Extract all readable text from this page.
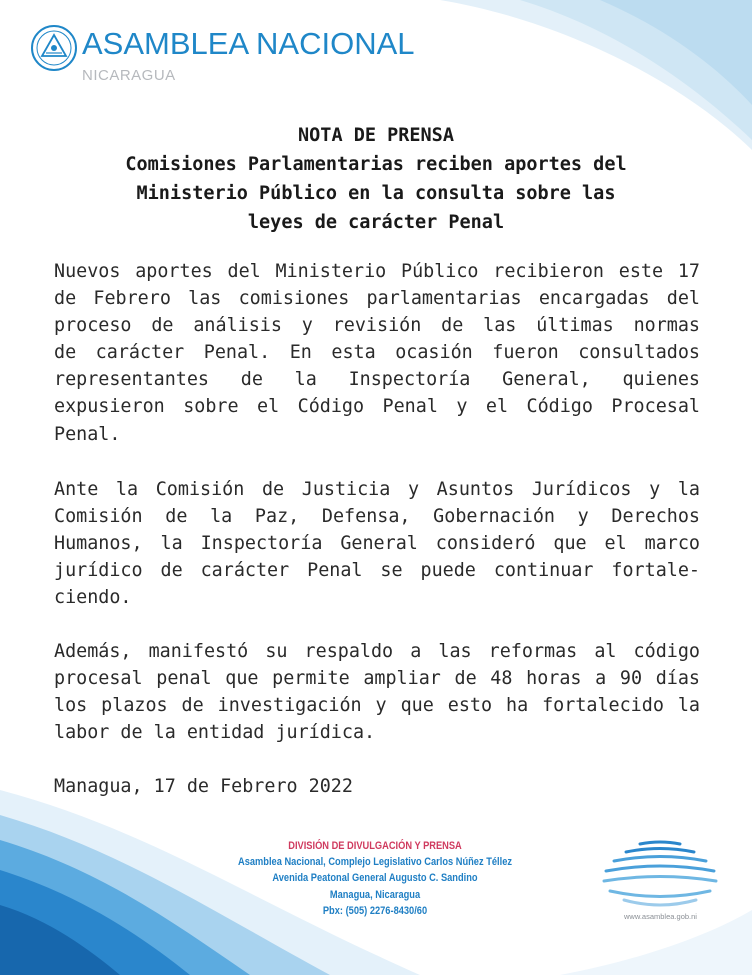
ASAMBLEA NACIONAL
NICARAGUA
NOTA DE PRENSA
Comisiones Parlamentarias reciben aportes del
Ministerio Público en la consulta sobre las
leyes de carácter Penal
Nuevos aportes del Ministerio Público recibieron este 17
de Febrero las comisiones parlamentarias encargadas del
proceso de análisis y revisión de las últimas normas
de carácter Penal. En esta ocasión fueron consultados
representantes de la Inspectoría General, quienes
expusieron sobre el Código Penal y el Código Procesal
Penal.
Ante la Comisión de Justicia y Asuntos Jurídicos y la
Comisión de la Paz, Defensa, Gobernación y Derechos
Humanos, la Inspectoría General consideró que el marco
jurídico de carácter Penal se puede continuar fortale-
ciendo.
Además, manifestó su respaldo a las reformas al código
procesal penal que permite ampliar de 48 horas a 90 días
los plazos de investigación y que esto ha fortalecido la
labor de la entidad jurídica.
Managua, 17 de Febrero 2022
DIVISIÓN DE DIVULGACIÓN Y PRENSA
Asamblea Nacional, Complejo Legislativo Carlos Núñez Téllez
Avenida Peatonal General Augusto C. Sandino
Managua, Nicaragua
Pbx: (505) 2276-8430/60	www.asamblea.gob.ni
